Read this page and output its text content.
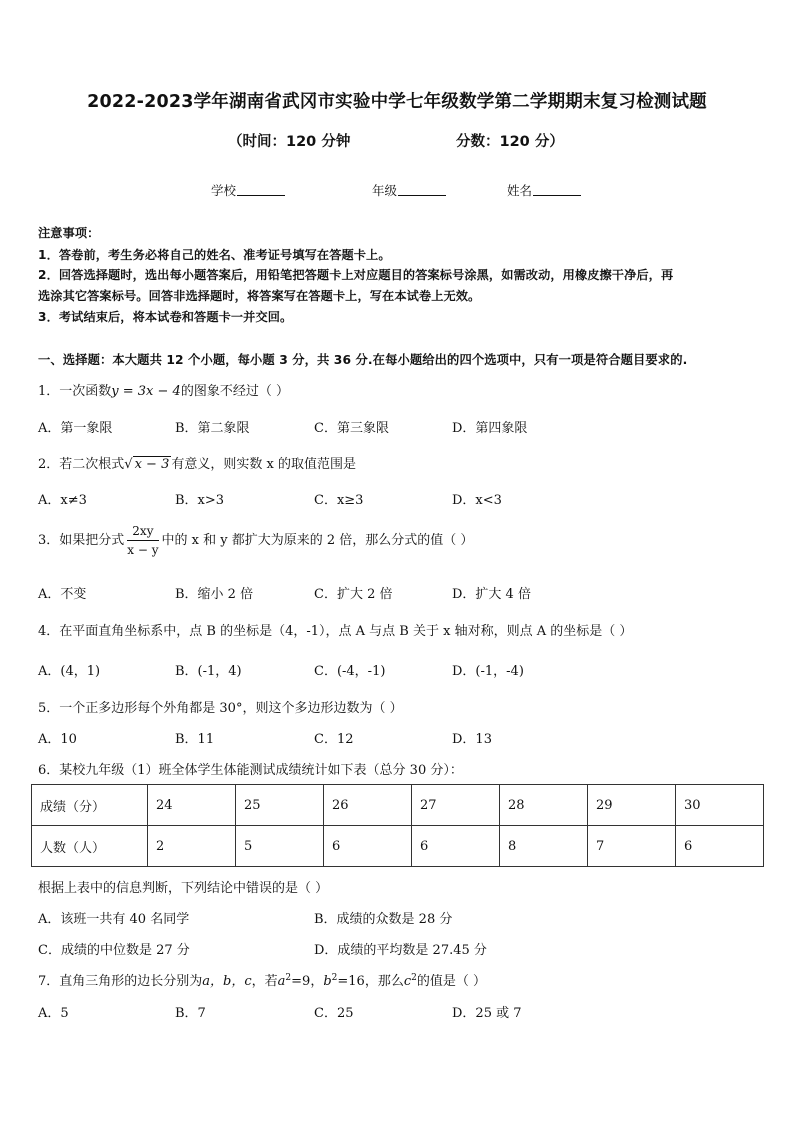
2022-2023学年湖南省武冈市实验中学七年级数学第二学期期末复习检测试题
（时间：120 分钟	分数：120 分）
学校	年级	姓名
注意事项：
1．答卷前，考生务必将自己的姓名、准考证号填写在答题卡上。
2．回答选择题时，选出每小题答案后，用铅笔把答题卡上对应题目的答案标号涂黑，如需改动，用橡皮擦干净后，再
选涂其它答案标号。回答非选择题时，将答案写在答题卡上，写在本试卷上无效。
3．考试结束后，将本试卷和答题卡一并交回。
一、选择题：本大题共 12 个小题，每小题 3 分，共 36 分.在每小题给出的四个选项中，只有一项是符合题目要求的.
1．一次函数y = 3x − 4的图象不经过（ ）
A．第一象限	B．第二象限	C．第三象限	D．第四象限
2．若二次根式√ x − 3 有意义，则实数 x 的取值范围是
A．x≠3	B．x>3	C．x≥3	D．x<3
3．如果把分式 $\frac{2xy}{x - y}$ 中的 x 和 y 都扩大为原来的 2 倍，那么分式的值（ ）
A．不变	B．缩小 2 倍	C．扩大 2 倍	D．扩大 4 倍
4．在平面直角坐标系中，点 B 的坐标是（4，-1），点 A 与点 B 关于 x 轴对称，则点 A 的坐标是（ ）
A．(4，1)	B．(-1，4)	C．(-4，-1)	D．(-1，-4)
5．一个正多边形每个外角都是 30°，则这个多边形边数为（ ）
A．10	B．11	C．12	D．13
6．某校九年级（1）班全体学生体能测试成绩统计如下表（总分 30 分）：
成绩（分）	24	25	26	27	28	29	30
人数（人）	2	5	6	6	8	7	6
根据上表中的信息判断，下列结论中错误的是（ ）
A．该班一共有 40 名同学	B．成绩的众数是 28 分
C．成绩的中位数是 27 分	D．成绩的平均数是 27.45 分
7．直角三角形的边长分别为a，b，c，若$a^2=9$，$b^2=16$，那么$c^2$的值是（ ）
A．5	B．7	C．25	D．25 或 7
